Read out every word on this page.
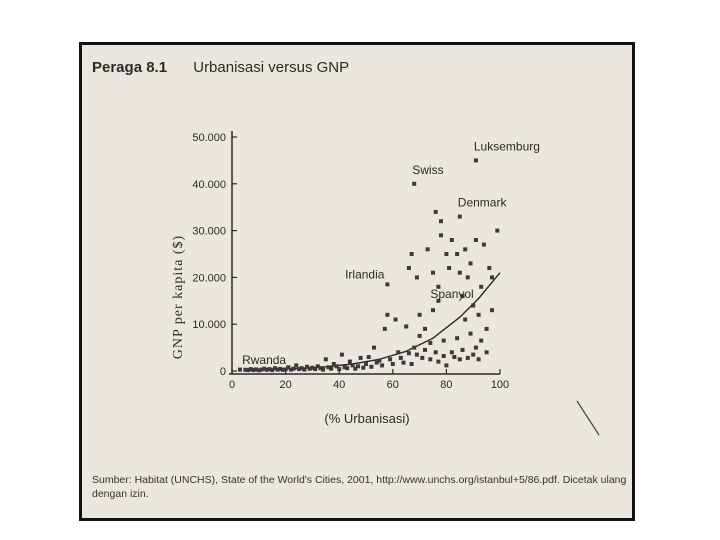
Peraga 8.1 Urbanisasi versus GNP
0
10.000
20.000
30.000
40.000
50.000
0	20	40	60	80	100
Luksemburg
Swiss
Denmark
Irlandia
Spanyol
Rwanda
GNP per kapita ($)
(% Urbanisasi)
Sumber: Habitat (UNCHS), State of the World's Cities, 2001, http://www.unchs.org/istanbul+5/86.pdf. Dicetak ulang dengan izin.
